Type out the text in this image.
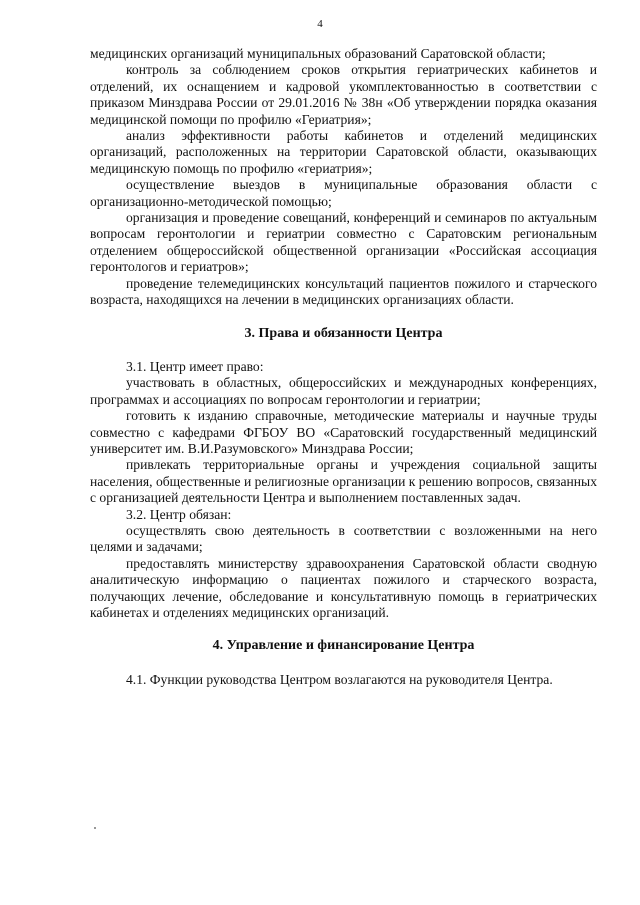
4

медицинских организаций муниципальных образований Саратовской области;

контроль за соблюдением сроков открытия гериатрических кабинетов и отделений, их оснащением и кадровой укомплектованностью в соответствии с приказом Минздрава России от 29.01.2016 № 38н «Об утверждении порядка оказания медицинской помощи по профилю «Гериатрия»;

анализ эффективности работы кабинетов и отделений медицинских организаций, расположенных на территории Саратовской области, оказывающих медицинскую помощь по профилю «гериатрия»;

осуществление выездов в муниципальные образования области с организационно-методической помощью;

организация и проведение совещаний, конференций и семинаров по актуальным вопросам геронтологии и гериатрии совместно с Саратовским региональным отделением общероссийской общественной организации «Российская ассоциация геронтологов и гериатров»;

проведение телемедицинских консультаций пациентов пожилого и старческого возраста, находящихся на лечении в медицинских организациях области.

3. Права и обязанности Центра

3.1. Центр имеет право:

участвовать в областных, общероссийских и международных конференциях, программах и ассоциациях по вопросам геронтологии и гериатрии;

готовить к изданию справочные, методические материалы и научные труды совместно с кафедрами ФГБОУ ВО «Саратовский государственный медицинский университет им. В.И.Разумовского» Минздрава России;

привлекать территориальные органы и учреждения социальной защиты населения, общественные и религиозные организации к решению вопросов, связанных с организацией деятельности Центра и выполнением поставленных задач.

3.2. Центр обязан:

осуществлять свою деятельность в соответствии с возложенными на него целями и задачами;

предоставлять министерству здравоохранения Саратовской области сводную аналитическую информацию о пациентах пожилого и старческого возраста, получающих лечение, обследование и консультативную помощь в гериатрических кабинетах и отделениях медицинских организаций.

4. Управление и финансирование Центра

4.1. Функции руководства Центром возлагаются на руководителя Центра.
